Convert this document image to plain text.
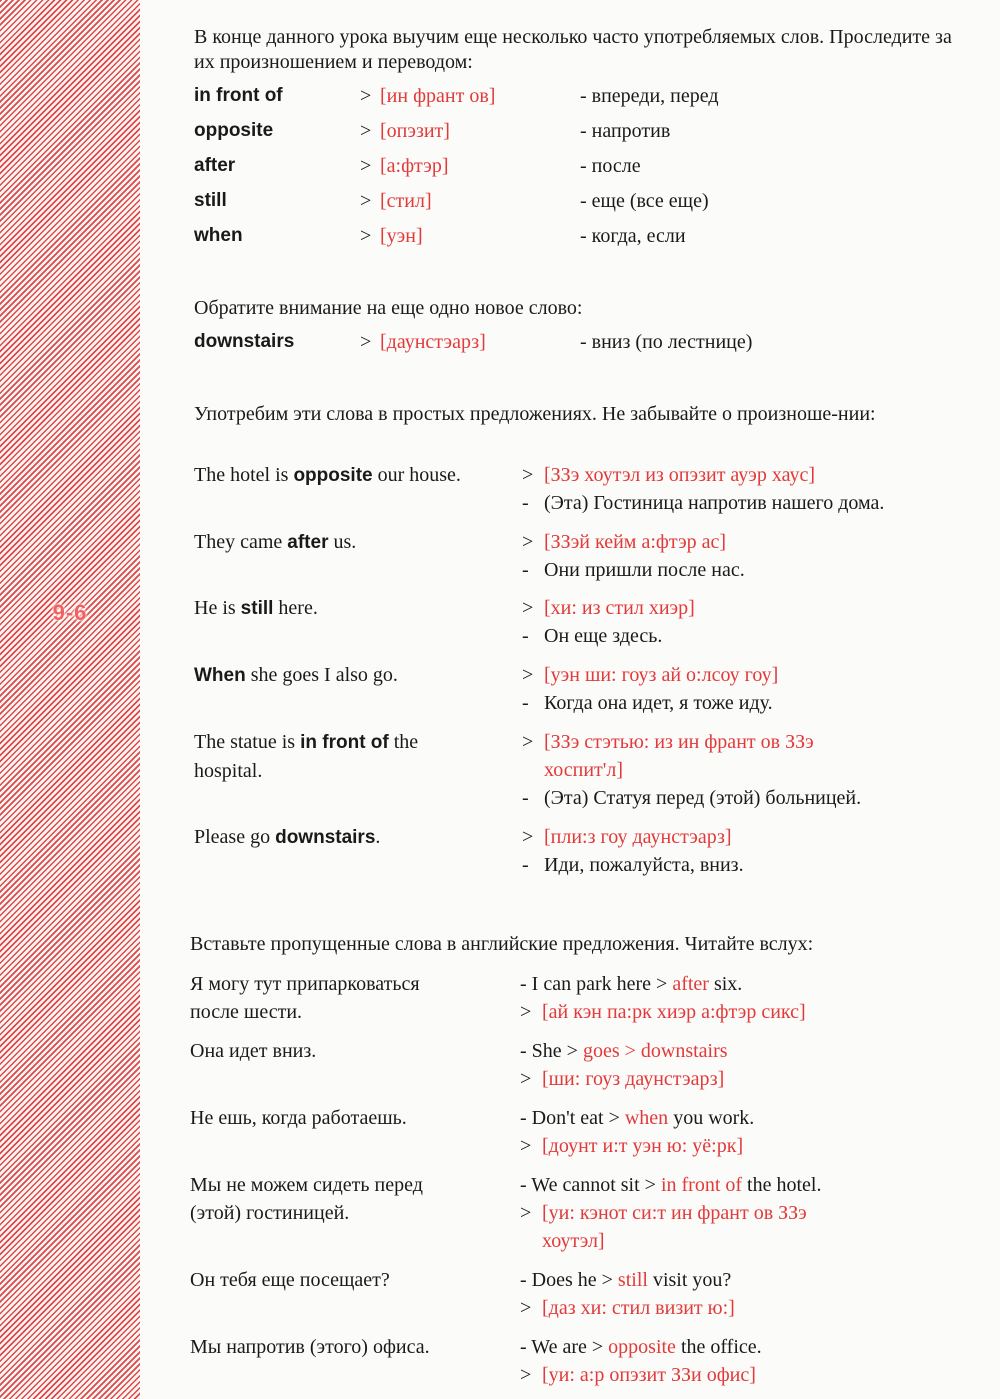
9-6
В конце данного урока выучим еще несколько часто употребляемых слов. Проследите за их произношением и переводом:
in front of	> [ин франт ов]	- впереди, перед
opposite	> [опэзит]	- напротив
after	> [а:фтэр]	- после
still	> [стил]	- еще (все еще)
when	> [уэн]	- когда, если
Обратите внимание на еще одно новое слово:
downstairs	> [даунстэарз]	- вниз (по лестнице)
Употребим эти слова в простых предложениях. Не забывайте о произноше-нии:
The hotel is opposite our house.	> [ЗЗэ хоутэл из опэзит ауэр хаус]
- (Эта) Гостиница напротив нашего дома.
They came after us.	> [ЗЗэй кейм а:фтэр ас]
- Они пришли после нас.
He is still here.	> [хи: из стил хиэр]
- Он еще здесь.
When she goes I also go.	> [уэн ши: гоуз ай о:лсоу гоу]
- Когда она идет, я тоже иду.
The statue is in front of the hospital.
> [ЗЗэ стэтью: из ин франт ов ЗЗэ хоспит'л]
- (Эта) Статуя перед (этой) больницей.
Please go downstairs.	> [пли:з гоу даунстэарз]
- Иди, пожалуйста, вниз.
Вставьте пропущенные слова в английские предложения. Читайте вслух:
Я могу тут припарковаться после шести.
- I can park here > after six.
> [ай кэн па:рк хиэр а:фтэр сикс]
Она идет вниз.	- She > goes > downstairs
> [ши: гоуз даунстэарз]
Не ешь, когда работаешь.	- Don't eat > when you work.
> [доунт и:т уэн ю: уё:рк]
Мы не можем сидеть перед (этой) гостиницей.
- We cannot sit > in front of the hotel.
> [уи: кэнот си:т ин франт ов ЗЗэ хоутэл]
Он тебя еще посещает?	- Does he > still visit you?
> [даз хи: стил визит ю:]
Мы напротив (этого) офиса.	- We are > opposite the office.
> [уи: а:р опэзит ЗЗи офис]
